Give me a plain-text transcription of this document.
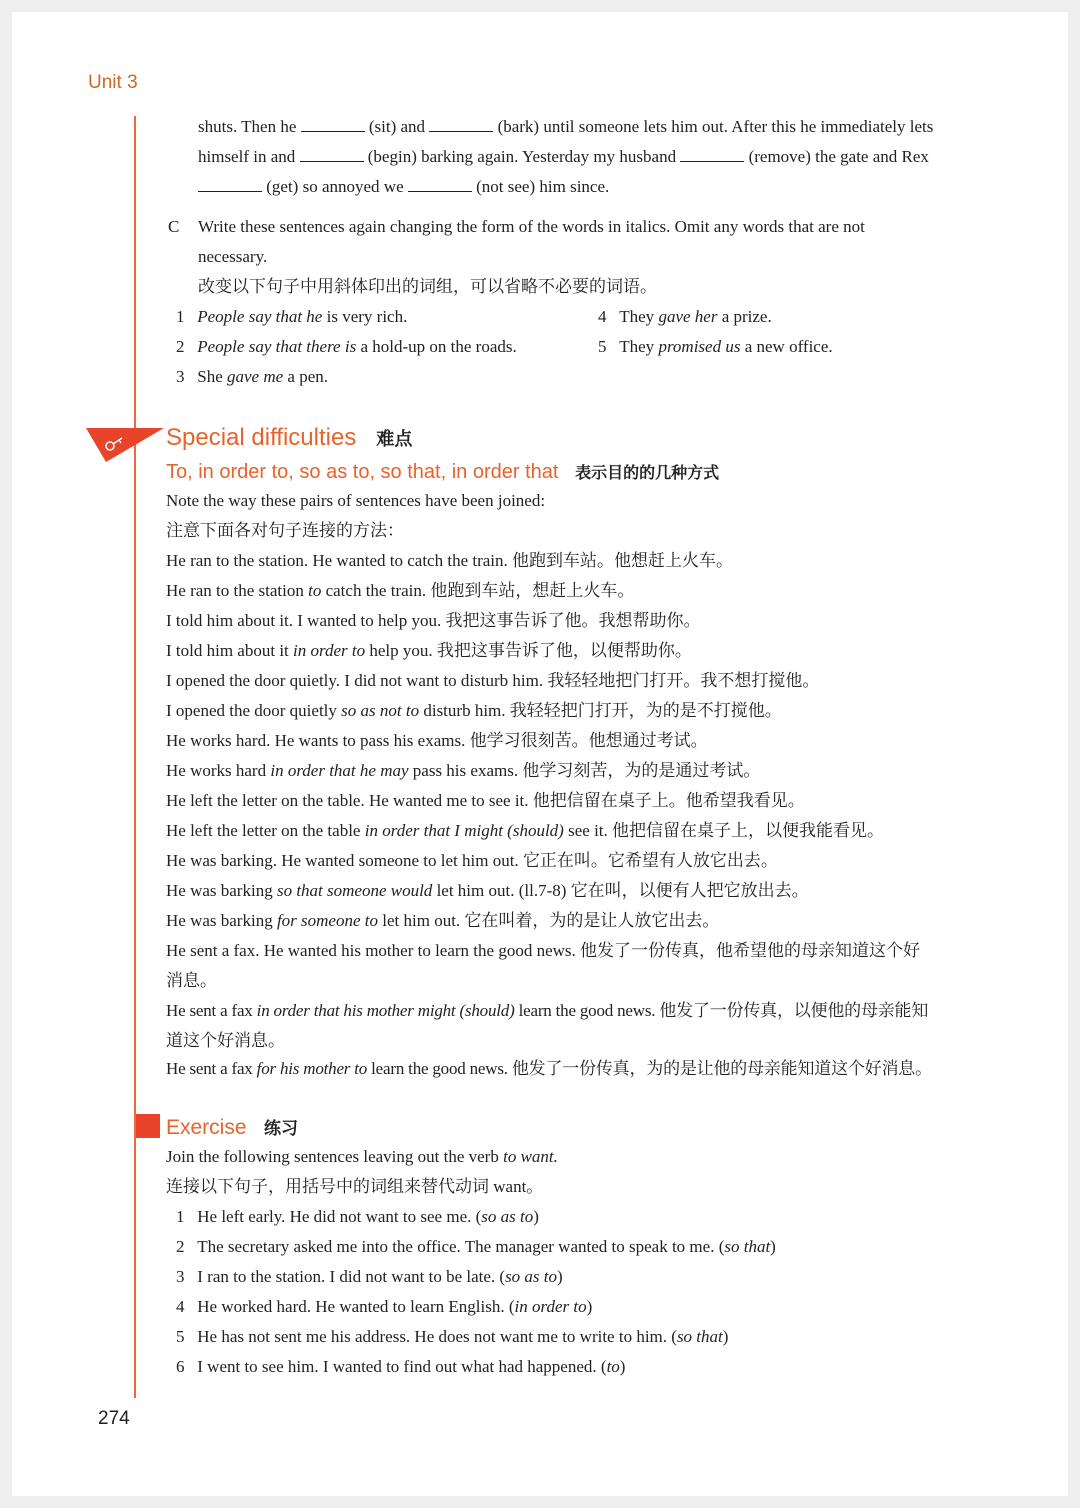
Unit 3
shuts. Then he	(sit) and	(bark) until someone lets him out. After this he immediately lets
himself in and	(begin) barking again. Yesterday my husband	(remove) the gate and Rex
(get) so annoyed we	(not see) him since.
C Write these sentences again changing the form of the words in italics. Omit any words that are not
necessary.
改变以下句子中用斜体印出的词组，可以省略不必要的词语。
1 People say that he is very rich.
2 People say that there is a hold-up on the roads.
3 She gave me a pen.
4 They gave her a prize.
5 They promised us a new office.
Special difficulties 难点
To, in order to, so as to, so that, in order that 表示目的的几种方式
Note the way these pairs of sentences have been joined:
注意下面各对句子连接的方法：
He ran to the station. He wanted to catch the train. 他跑到车站。他想赶上火车。
He ran to the station to catch the train. 他跑到车站，想赶上火车。
I told him about it. I wanted to help you. 我把这事告诉了他。我想帮助你。
I told him about it in order to help you. 我把这事告诉了他，以便帮助你。
I opened the door quietly. I did not want to disturb him. 我轻轻地把门打开。我不想打搅他。
I opened the door quietly so as not to disturb him. 我轻轻把门打开，为的是不打搅他。
He works hard. He wants to pass his exams. 他学习很刻苦。他想通过考试。
He works hard in order that he may pass his exams. 他学习刻苦，为的是通过考试。
He left the letter on the table. He wanted me to see it. 他把信留在桌子上。他希望我看见。
He left the letter on the table in order that I might (should) see it. 他把信留在桌子上，以便我能看见。
He was barking. He wanted someone to let him out. 它正在叫。它希望有人放它出去。
He was barking so that someone would let him out. (ll.7-8) 它在叫，以便有人把它放出去。
He was barking for someone to let him out. 它在叫着，为的是让人放它出去。
He sent a fax. He wanted his mother to learn the good news. 他发了一份传真，他希望他的母亲知道这个好
消息。
He sent a fax in order that his mother might (should) learn the good news. 他发了一份传真，以便他的母亲能知
道这个好消息。
He sent a fax for his mother to learn the good news. 他发了一份传真，为的是让他的母亲能知道这个好消息。
Exercise 练习
Join the following sentences leaving out the verb to want.
连接以下句子，用括号中的词组来替代动词 want。
1 He left early. He did not want to see me. (so as to)
2 The secretary asked me into the office. The manager wanted to speak to me. (so that)
3 I ran to the station. I did not want to be late. (so as to)
4 He worked hard. He wanted to learn English. (in order to)
5 He has not sent me his address. He does not want me to write to him. (so that)
6 I went to see him. I wanted to find out what had happened. (to)
274
